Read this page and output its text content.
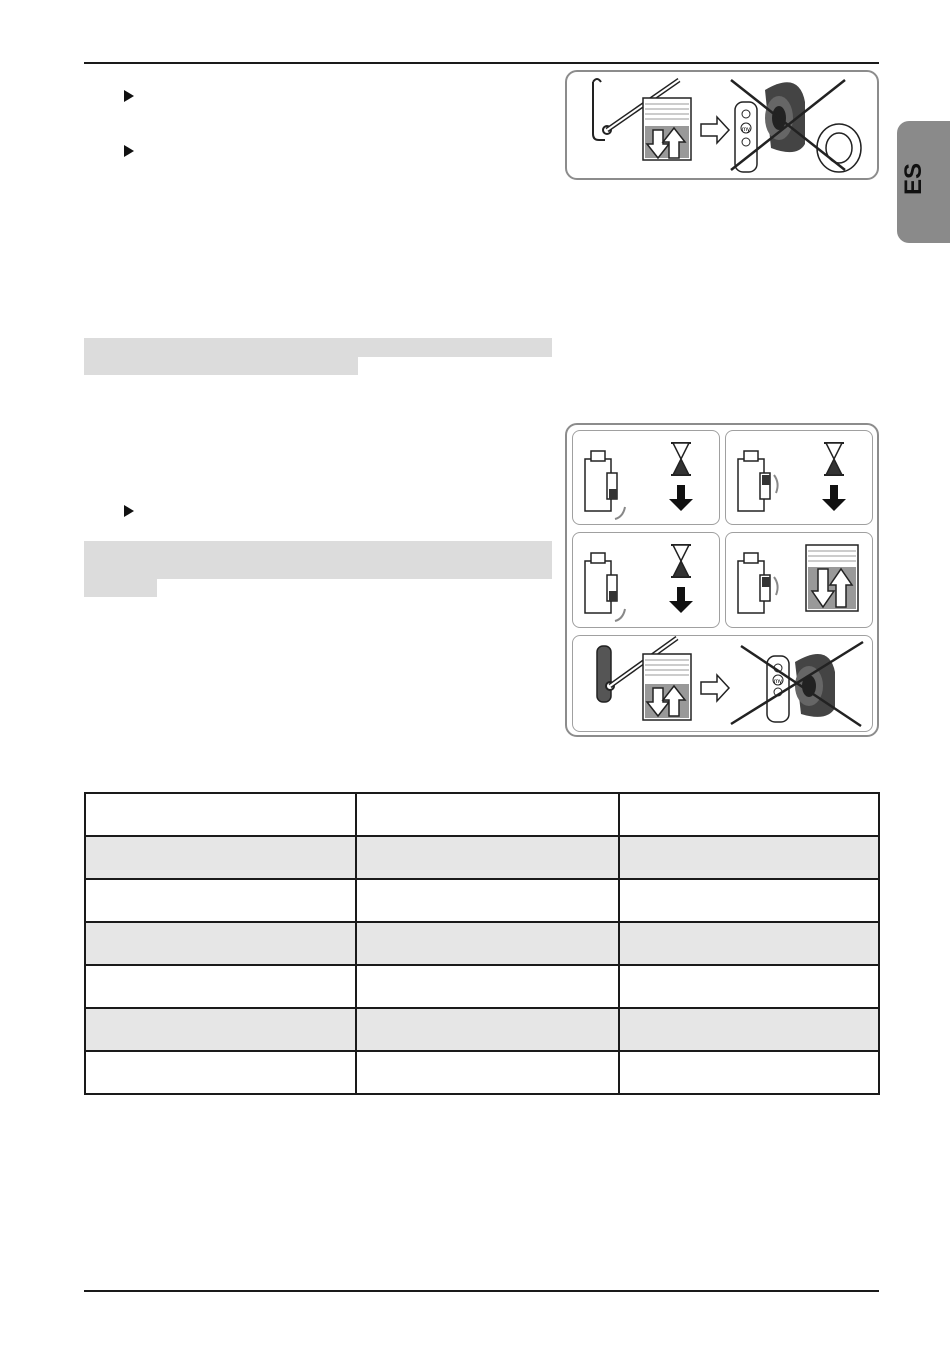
ES
my
my
